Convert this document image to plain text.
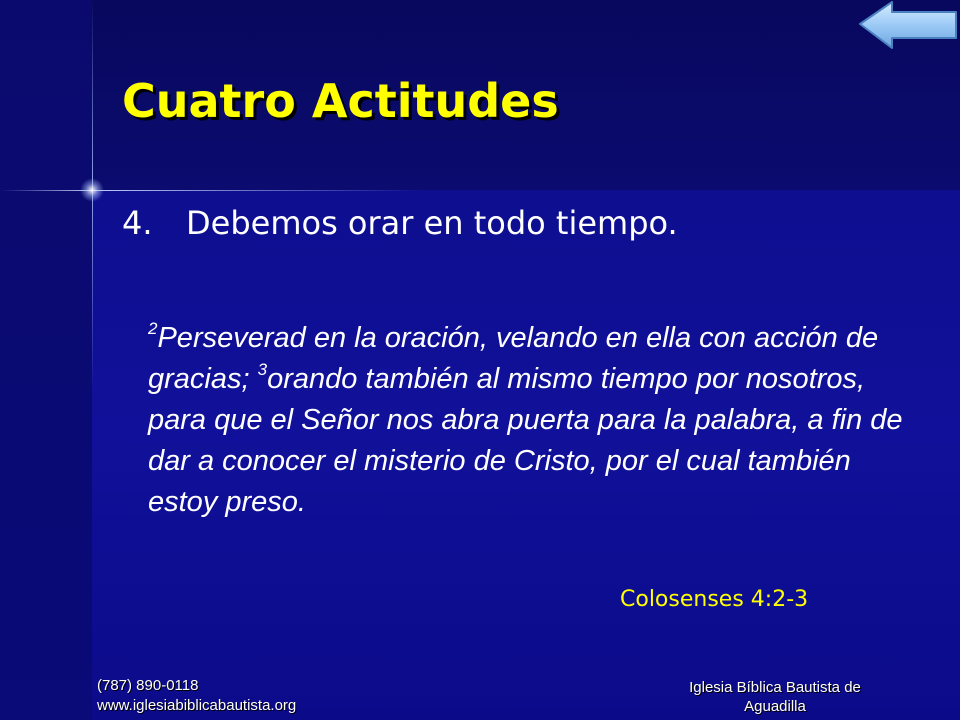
Cuatro Actitudes
4. Debemos orar en todo tiempo.

$^2$Perseverad en la oración, velando en ella con acción de gracias; $^3$orando también al mismo tiempo por nosotros, para que el Señor nos abra puerta para la palabra, a fin de dar a conocer el misterio de Cristo, por el cual también estoy preso.

Colosenses 4:2-3
(787) 890-0118
www.iglesiabiblicabautista.org
Iglesia Bíblica Bautista de
Aguadilla
